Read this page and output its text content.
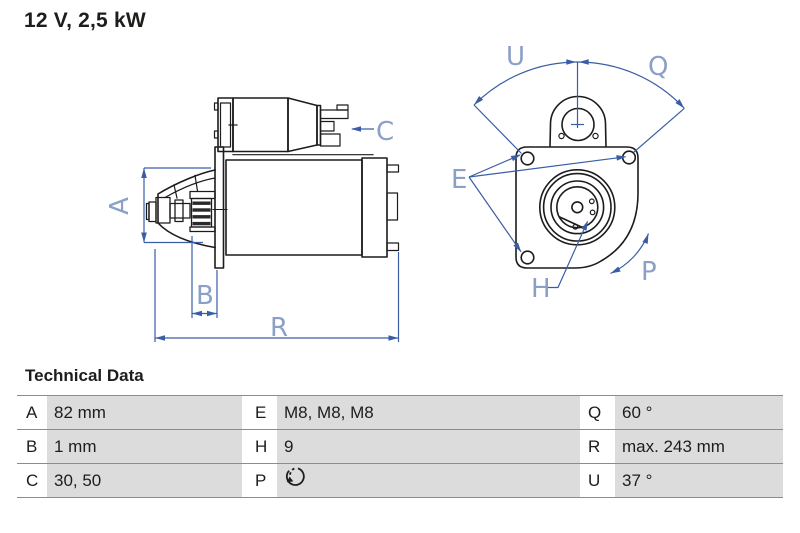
12 V, 2,5 kW
A
B
C
R
U	Q
E
H
P
Technical Data
A 82 mm	E	M8, M8, M8	Q	60 °
B 1 mm	H 9	R	max. 243 mm
C 30, 50	P	U	37 °
